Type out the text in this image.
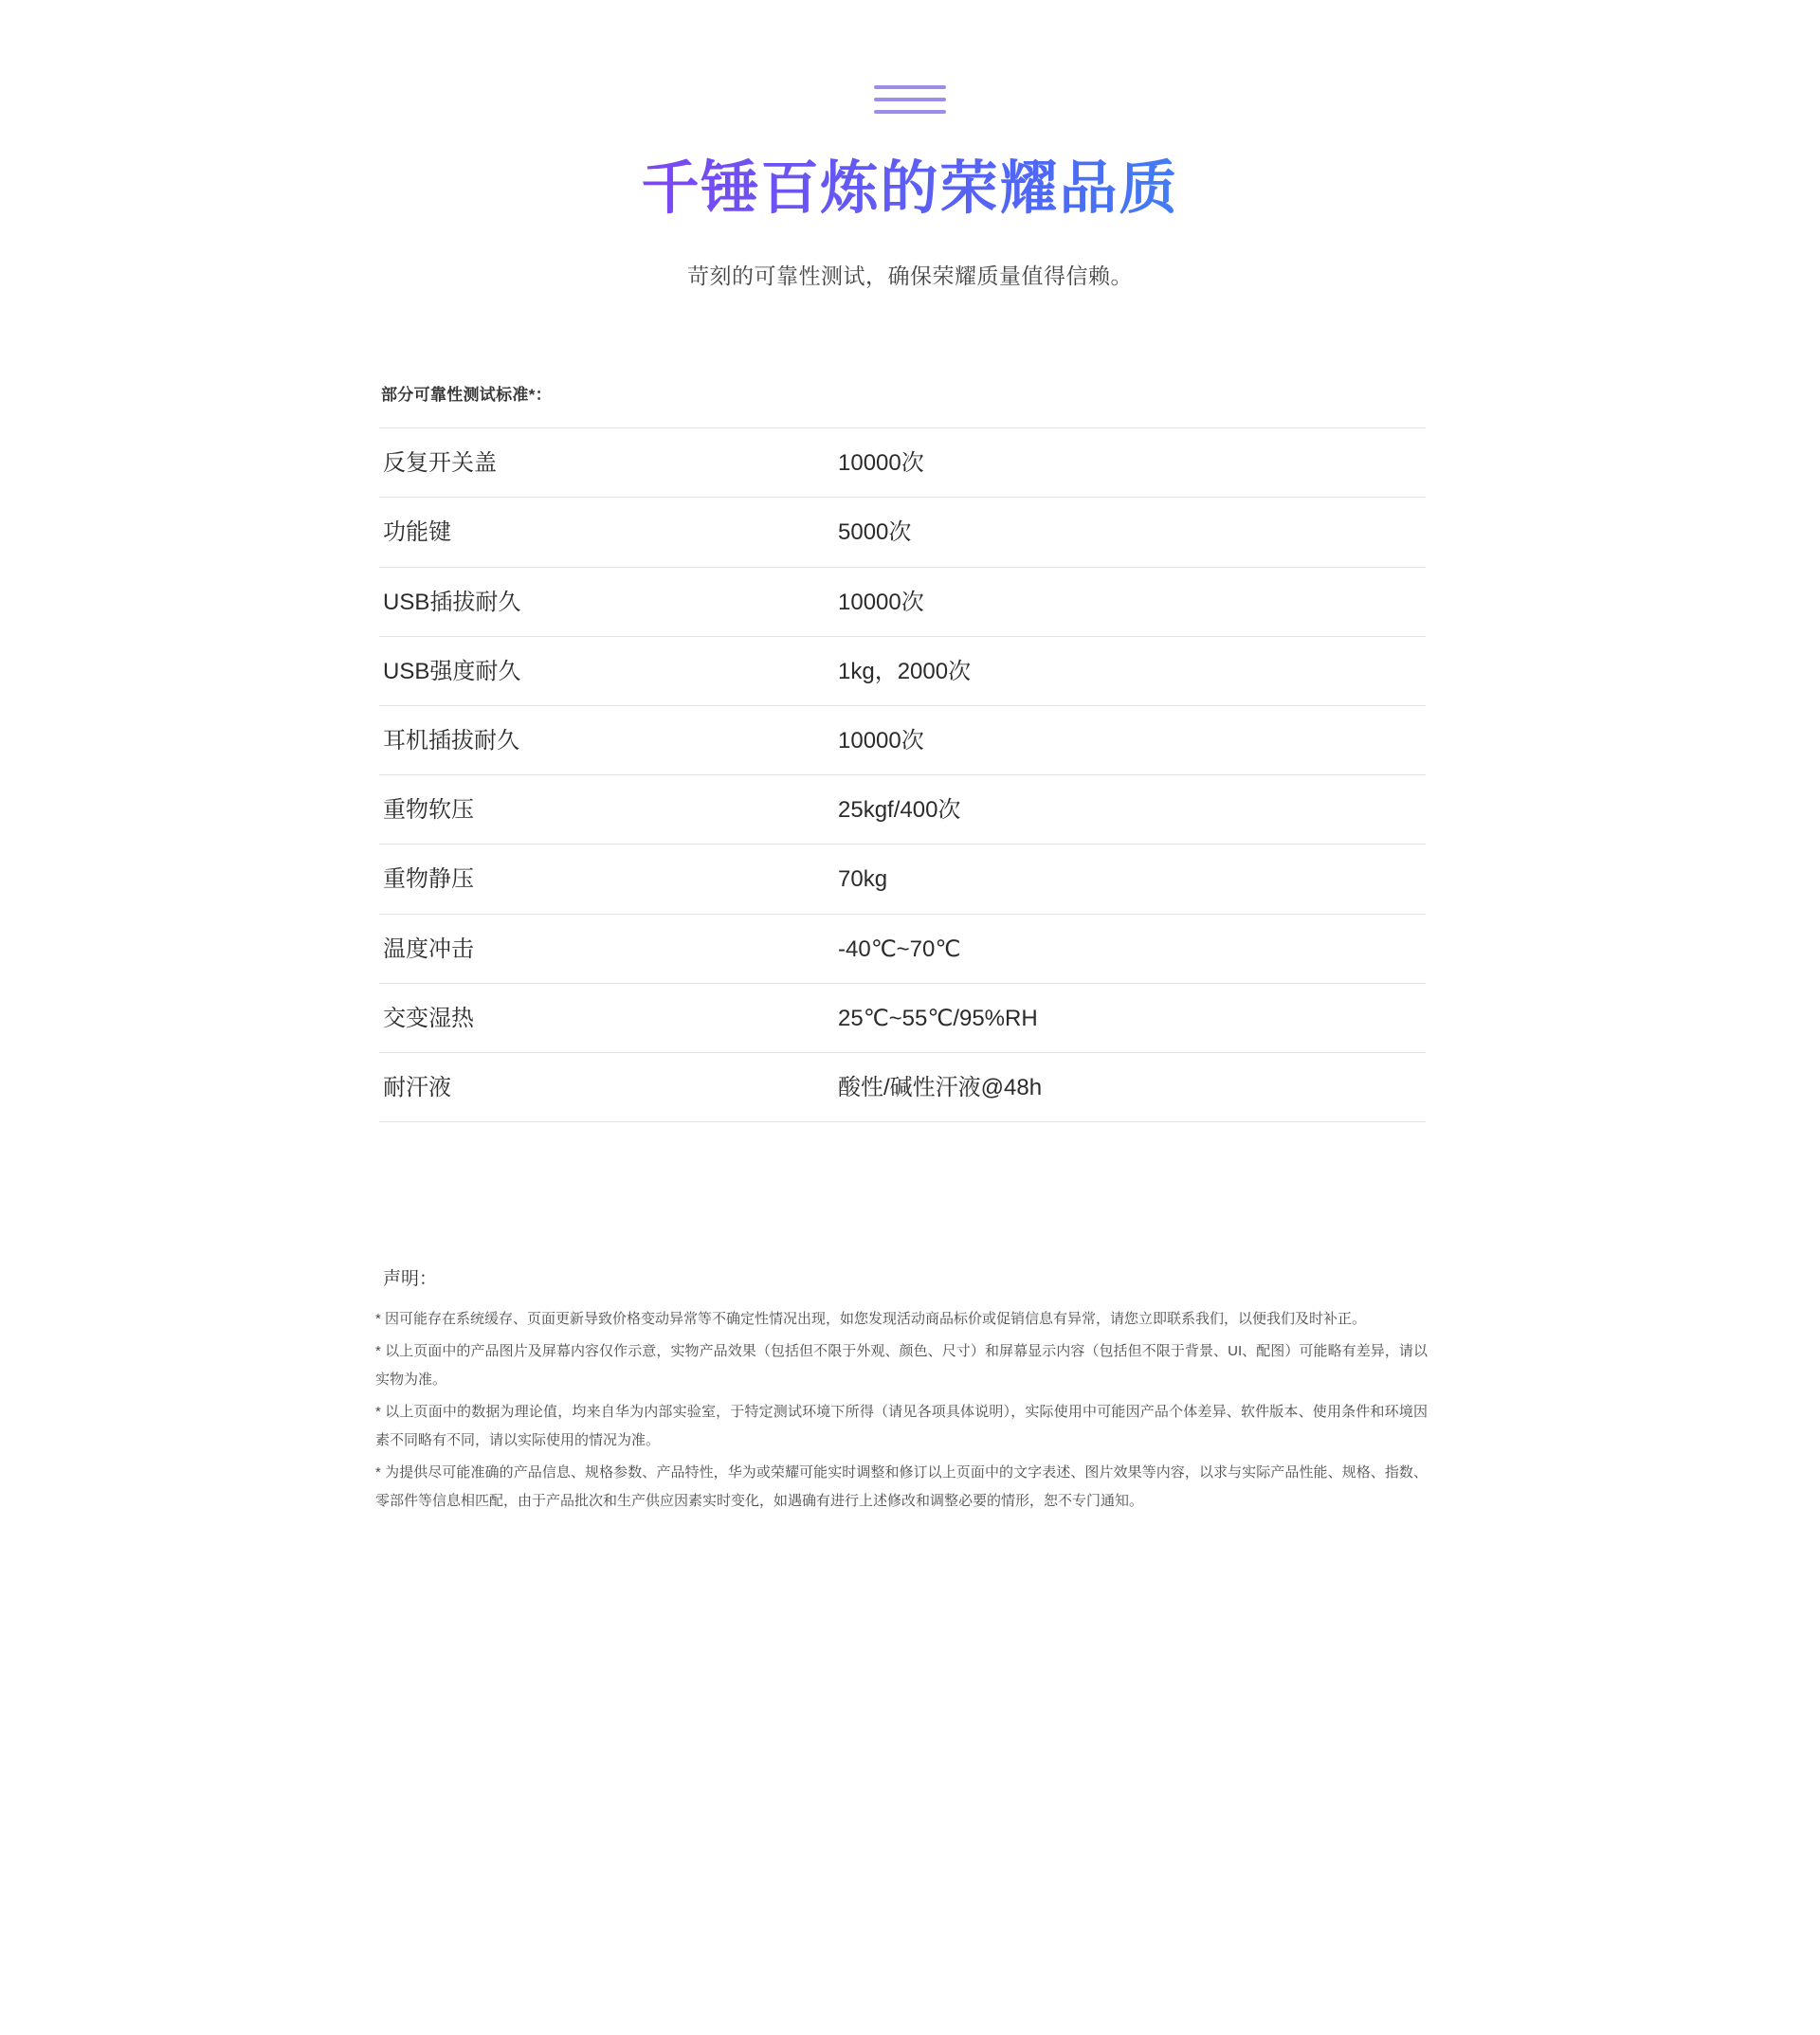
千锤百炼的荣耀品质

苛刻的可靠性测试，确保荣耀质量值得信赖。

部分可靠性测试标准*：
反复开关盖	10000次
功能键	5000次
USB插拔耐久	10000次
USB强度耐久	1kg，2000次
耳机插拔耐久	10000次
重物软压	25kgf/400次
重物静压	70kg
温度冲击	-40℃~70℃
交变湿热	25℃~55℃/95%RH
耐汗液	酸性/碱性汗液@48h
声明：

* 因可能存在系统缓存、页面更新导致价格变动异常等不确定性情况出现，如您发现活动商品标价或促销信息有异常，请您立即联系我们，以便我们及时补正。

* 以上页面中的产品图片及屏幕内容仅作示意，实物产品效果（包括但不限于外观、颜色、尺寸）和屏幕显示内容（包括但不限于背景、UI、配图）可能略有差异，请以实物为准。

* 以上页面中的数据为理论值，均来自华为内部实验室，于特定测试环境下所得（请见各项具体说明），实际使用中可能因产品个体差异、软件版本、使用条件和环境因素不同略有不同，请以实际使用的情况为准。

* 为提供尽可能准确的产品信息、规格参数、产品特性，华为或荣耀可能实时调整和修订以上页面中的文字表述、图片效果等内容，以求与实际产品性能、规格、指数、零部件等信息相匹配，由于产品批次和生产供应因素实时变化，如遇确有进行上述修改和调整必要的情形，恕不专门通知。
